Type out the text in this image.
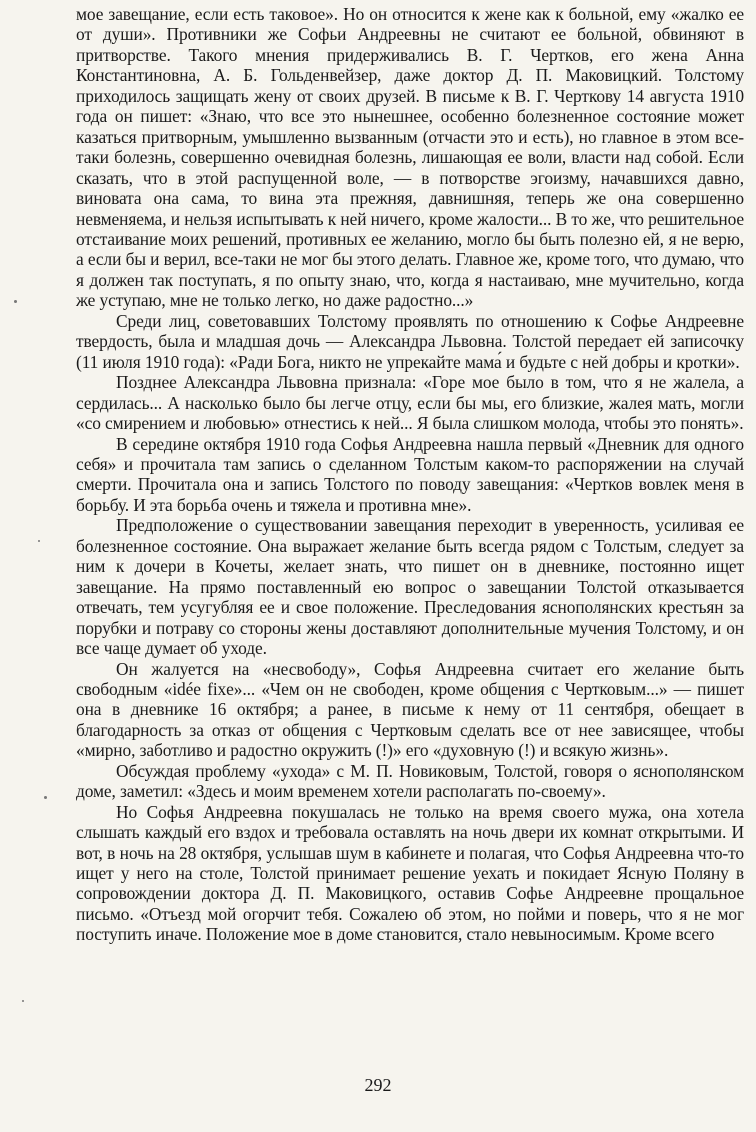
мое завещание, если есть таковое». Но он относится к жене как к больной, ему «жалко ее от души». Противники же Софьи Андреевны не считают ее больной, обвиняют в притворстве. Такого мнения придерживались В. Г. Чертков, его жена Анна Константиновна, А. Б. Гольденвейзер, даже доктор Д. П. Маковицкий. Толстому приходилось защищать жену от своих друзей. В письме к В. Г. Черткову 14 августа 1910 года он пишет: «Знаю, что все это нынешнее, особенно болезненное состояние может казаться притворным, умышленно вызванным (отчасти это и есть), но главное в этом все-таки болезнь, совершенно очевидная болезнь, лишающая ее воли, власти над собой. Если сказать, что в этой распущенной воле, — в потворстве эгоизму, начавшихся давно, виновата она сама, то вина эта прежняя, давнишняя, теперь же она совершенно невменяема, и нельзя испытывать к ней ничего, кроме жалости... В то же, что решительное отстаивание моих решений, противных ее желанию, могло бы быть полезно ей, я не верю, а если бы и верил, все-таки не мог бы этого делать. Главное же, кроме того, что думаю, что я должен так поступать, я по опыту знаю, что, когда я настаиваю, мне мучительно, когда же уступаю, мне не только легко, но даже радостно...»

Среди лиц, советовавших Толстому проявлять по отношению к Софье Андреевне твердость, была и младшая дочь — Александра Львовна. Толстой передает ей записочку (11 июля 1910 года): «Ради Бога, никто не упрекайте мама́ и будьте с ней добры и кротки».

Позднее Александра Львовна призналa: «Горе мое было в том, что я не жалела, а сердилась... А насколько было бы легче отцу, если бы мы, его близкие, жалея мать, могли «со смирением и любовью» отнестись к ней... Я была слишком молода, чтобы это понять».

В середине октября 1910 года Софья Андреевна нашла первый «Дневник для одного себя» и прочитала там запись о сделанном Толстым каком-то распоряжении на случай смерти. Прочитала она и запись Толстого по поводу завещания: «Чертков вовлек меня в борьбу. И эта борьба очень и тяжела и противна мне».

Предположение о существовании завещания переходит в уверенность, усиливая ее болезненное состояние. Она выражает желание быть всегда рядом с Толстым, следует за ним к дочери в Кочеты, желает знать, что пишет он в дневнике, постоянно ищет завещание. На прямо поставленный ею вопрос о завещании Толстой отказывается отвечать, тем усугубляя ее и свое положение. Преследования яснополянских крестьян за порубки и потраву со стороны жены доставляют дополнительные мучения Толстому, и он все чаще думает об уходе.

Он жалуется на «несвободу», Софья Андреевна считает его желание быть свободным «idée fixe»... «Чем он не свободен, кроме общения с Чертковым...» — пишет она в дневнике 16 октября; а ранее, в письме к нему от 11 сентября, обещает в благодарность за отказ от общения с Чертковым сделать все от нее зависящее, чтобы «мирно, заботливо и радостно окружить (!)» его «духовную (!) и всякую жизнь».

Обсуждая проблему «ухода» с М. П. Новиковым, Толстой, говоря о яснополянском доме, заметил: «Здесь и моим временем хотели располагать по-своему».

Но Софья Андреевна покушалась не только на время своего мужа, она хотела слышать каждый его вздох и требовала оставлять на ночь двери их комнат открытыми. И вот, в ночь на 28 октября, услышав шум в кабинете и полагая, что Софья Андреевна что-то ищет у него на столе, Толстой принимает решение уехать и покидает Ясную Поляну в сопровождении доктора Д. П. Маковицкого, оставив Софье Андреевне прощальное письмо. «Отъезд мой огорчит тебя. Сожалею об этом, но пойми и поверь, что я не мог поступить иначе. Положение мое в доме становится, стало невыносимым. Кроме всего

292
